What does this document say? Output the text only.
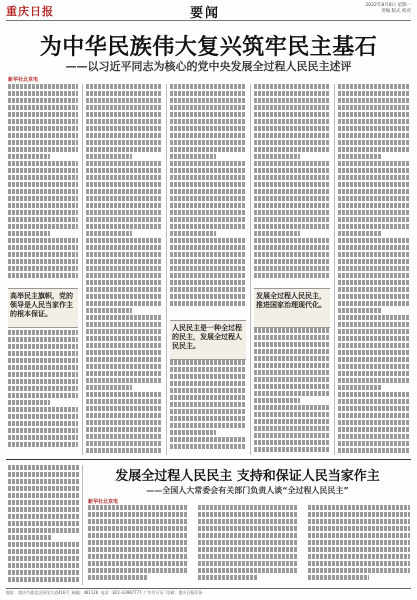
重庆日报	要闻
2022年8月8日 星期一
责编 版式 校对
为中华民族伟大复兴筑牢民主基石
——以习近平同志为核心的党中央发展全过程人民民主述评
新华社北京电
高举民主旗帜，党的领导是人民当家作主的根本保证。
人民民主是一种全过程的民主，发展全过程人民民主。
发展全过程人民民主，推进国家治理现代化。
发展全过程人民民主 支持和保证人民当家作主
——全国人大常委会有关部门负责人谈“全过程人民民主”
新华社北京电
地址：重庆市渝北区同茂大道416号 邮编：401120 电话：023-63907777 广告许可证 印刷：重庆日报印务
